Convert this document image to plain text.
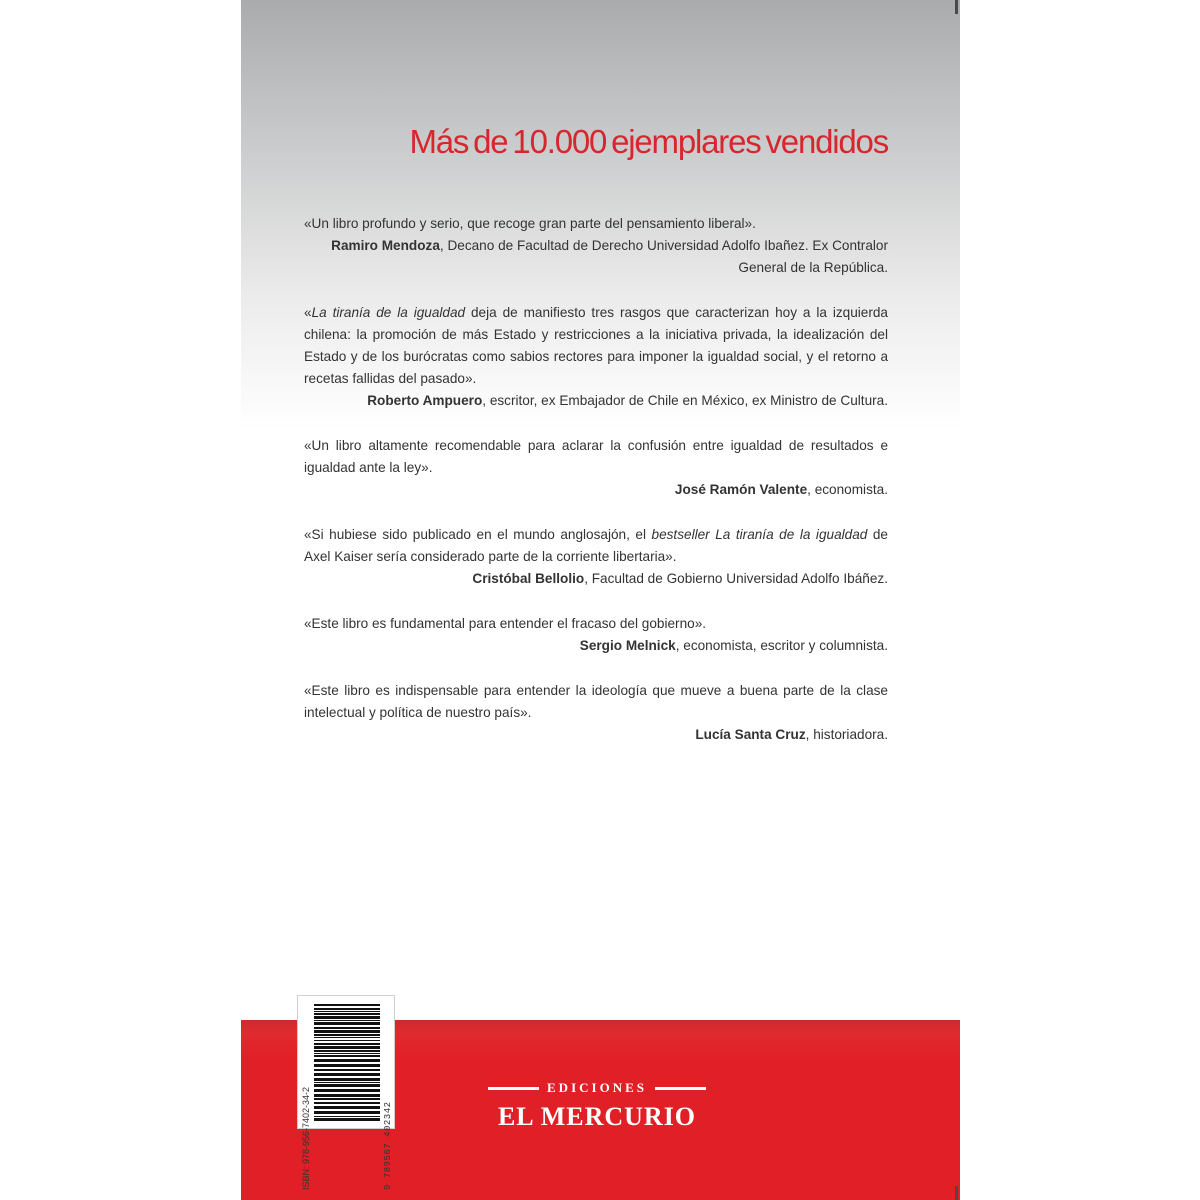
Más de 10.000 ejemplares vendidos

«Un libro profundo y serio, que recoge gran parte del pensamiento liberal».

Ramiro Mendoza, Decano de Facultad de Derecho Universidad Adolfo Ibañez. Ex Contralor General de la República.

«La tiranía de la igualdad deja de manifiesto tres rasgos que caracterizan hoy a la izquierda chilena: la promoción de más Estado y restricciones a la iniciativa privada, la idealización del Estado y de los burócratas como sabios rectores para imponer la igualdad social, y el retorno a recetas fallidas del pasado».

Roberto Ampuero, escritor, ex Embajador de Chile en México, ex Ministro de Cultura.

«Un libro altamente recomendable para aclarar la confusión entre igualdad de resultados e igualdad ante la ley».

José Ramón Valente, economista.

«Si hubiese sido publicado en el mundo anglosajón, el bestseller La tiranía de la igualdad de Axel Kaiser sería considerado parte de la corriente libertaria».

Cristóbal Bellolio, Facultad de Gobierno Universidad Adolfo Ibáñez.

«Este libro es fundamental para entender el fracaso del gobierno».

Sergio Melnick, economista, escritor y columnista.

«Este libro es indispensable para entender la ideología que mueve a buena parte de la clase intelectual y política de nuestro país».

Lucía Santa Cruz, historiadora.

ISBN: 978-956-7402-34-2	9 789567 402342
EDICIONES
EL MERCURIO
